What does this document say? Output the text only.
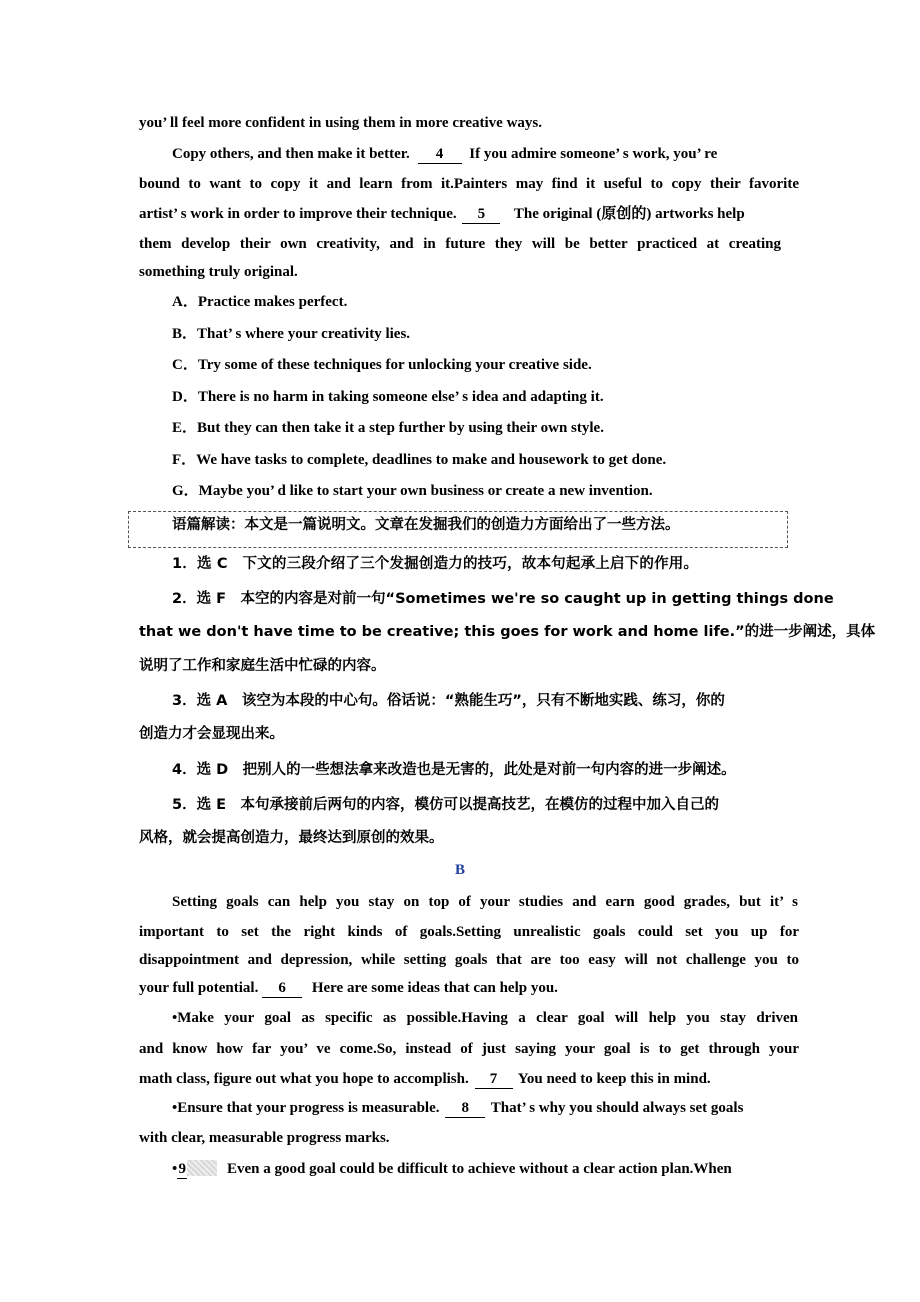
you’ ll feel more confident in using them in more creative ways.
Copy others, and then make it better. 4 If you admire someone’ s work, you’ re
bound to want to copy it and learn from it.Painters may find it useful to copy their favorite
artist’ s work in order to improve their technique. 5 The original (原创的) artworks help
them develop their own creativity, and in future they will be better practiced at creating
something truly original.
A．Practice makes perfect.
B．That’ s where your creativity lies.
C．Try some of these techniques for unlocking your creative side.
D．There is no harm in taking someone else’ s idea and adapting it.
E．But they can then take it a step further by using their own style.
F．We have tasks to complete, deadlines to make and housework to get done.
G．Maybe you’ d like to start your own business or create a new invention.
语篇解读：本文是一篇说明文。文章在发掘我们的创造力方面给出了一些方法。
1．选 C　下文的三段介绍了三个发掘创造力的技巧，故本句起承上启下的作用。
2．选 F　本空的内容是对前一句“Sometimes we're so caught up in getting things done
that we don't have time to be creative; this goes for work and home life.”的进一步阐述，具体
说明了工作和家庭生活中忙碌的内容。
3．选 A　该空为本段的中心句。俗话说：“熟能生巧”，只有不断地实践、练习，你的
创造力才会显现出来。
4．选 D　把别人的一些想法拿来改造也是无害的，此处是对前一句内容的进一步阐述。
5．选 E　本句承接前后两句的内容，模仿可以提高技艺，在模仿的过程中加入自己的
风格，就会提高创造力，最终达到原创的效果。
B
Setting goals can help you stay on top of your studies and earn good grades, but it’ s
important to set the right kinds of goals.Setting unrealistic goals could set you up for
disappointment and depression, while setting goals that are too easy will not challenge you to
your full potential. 6 Here are some ideas that can help you.
•Make your goal as specific as possible.Having a clear goal will help you stay driven
and know how far you’ ve come.So, instead of just saying your goal is to get through your
math class, figure out what you hope to accomplish. 7 You need to keep this in mind.
•Ensure that your progress is measurable. 8 That’ s why you should always set goals
with clear, measurable progress marks.
•9	Even a good goal could be difficult to achieve without a clear action plan.When
